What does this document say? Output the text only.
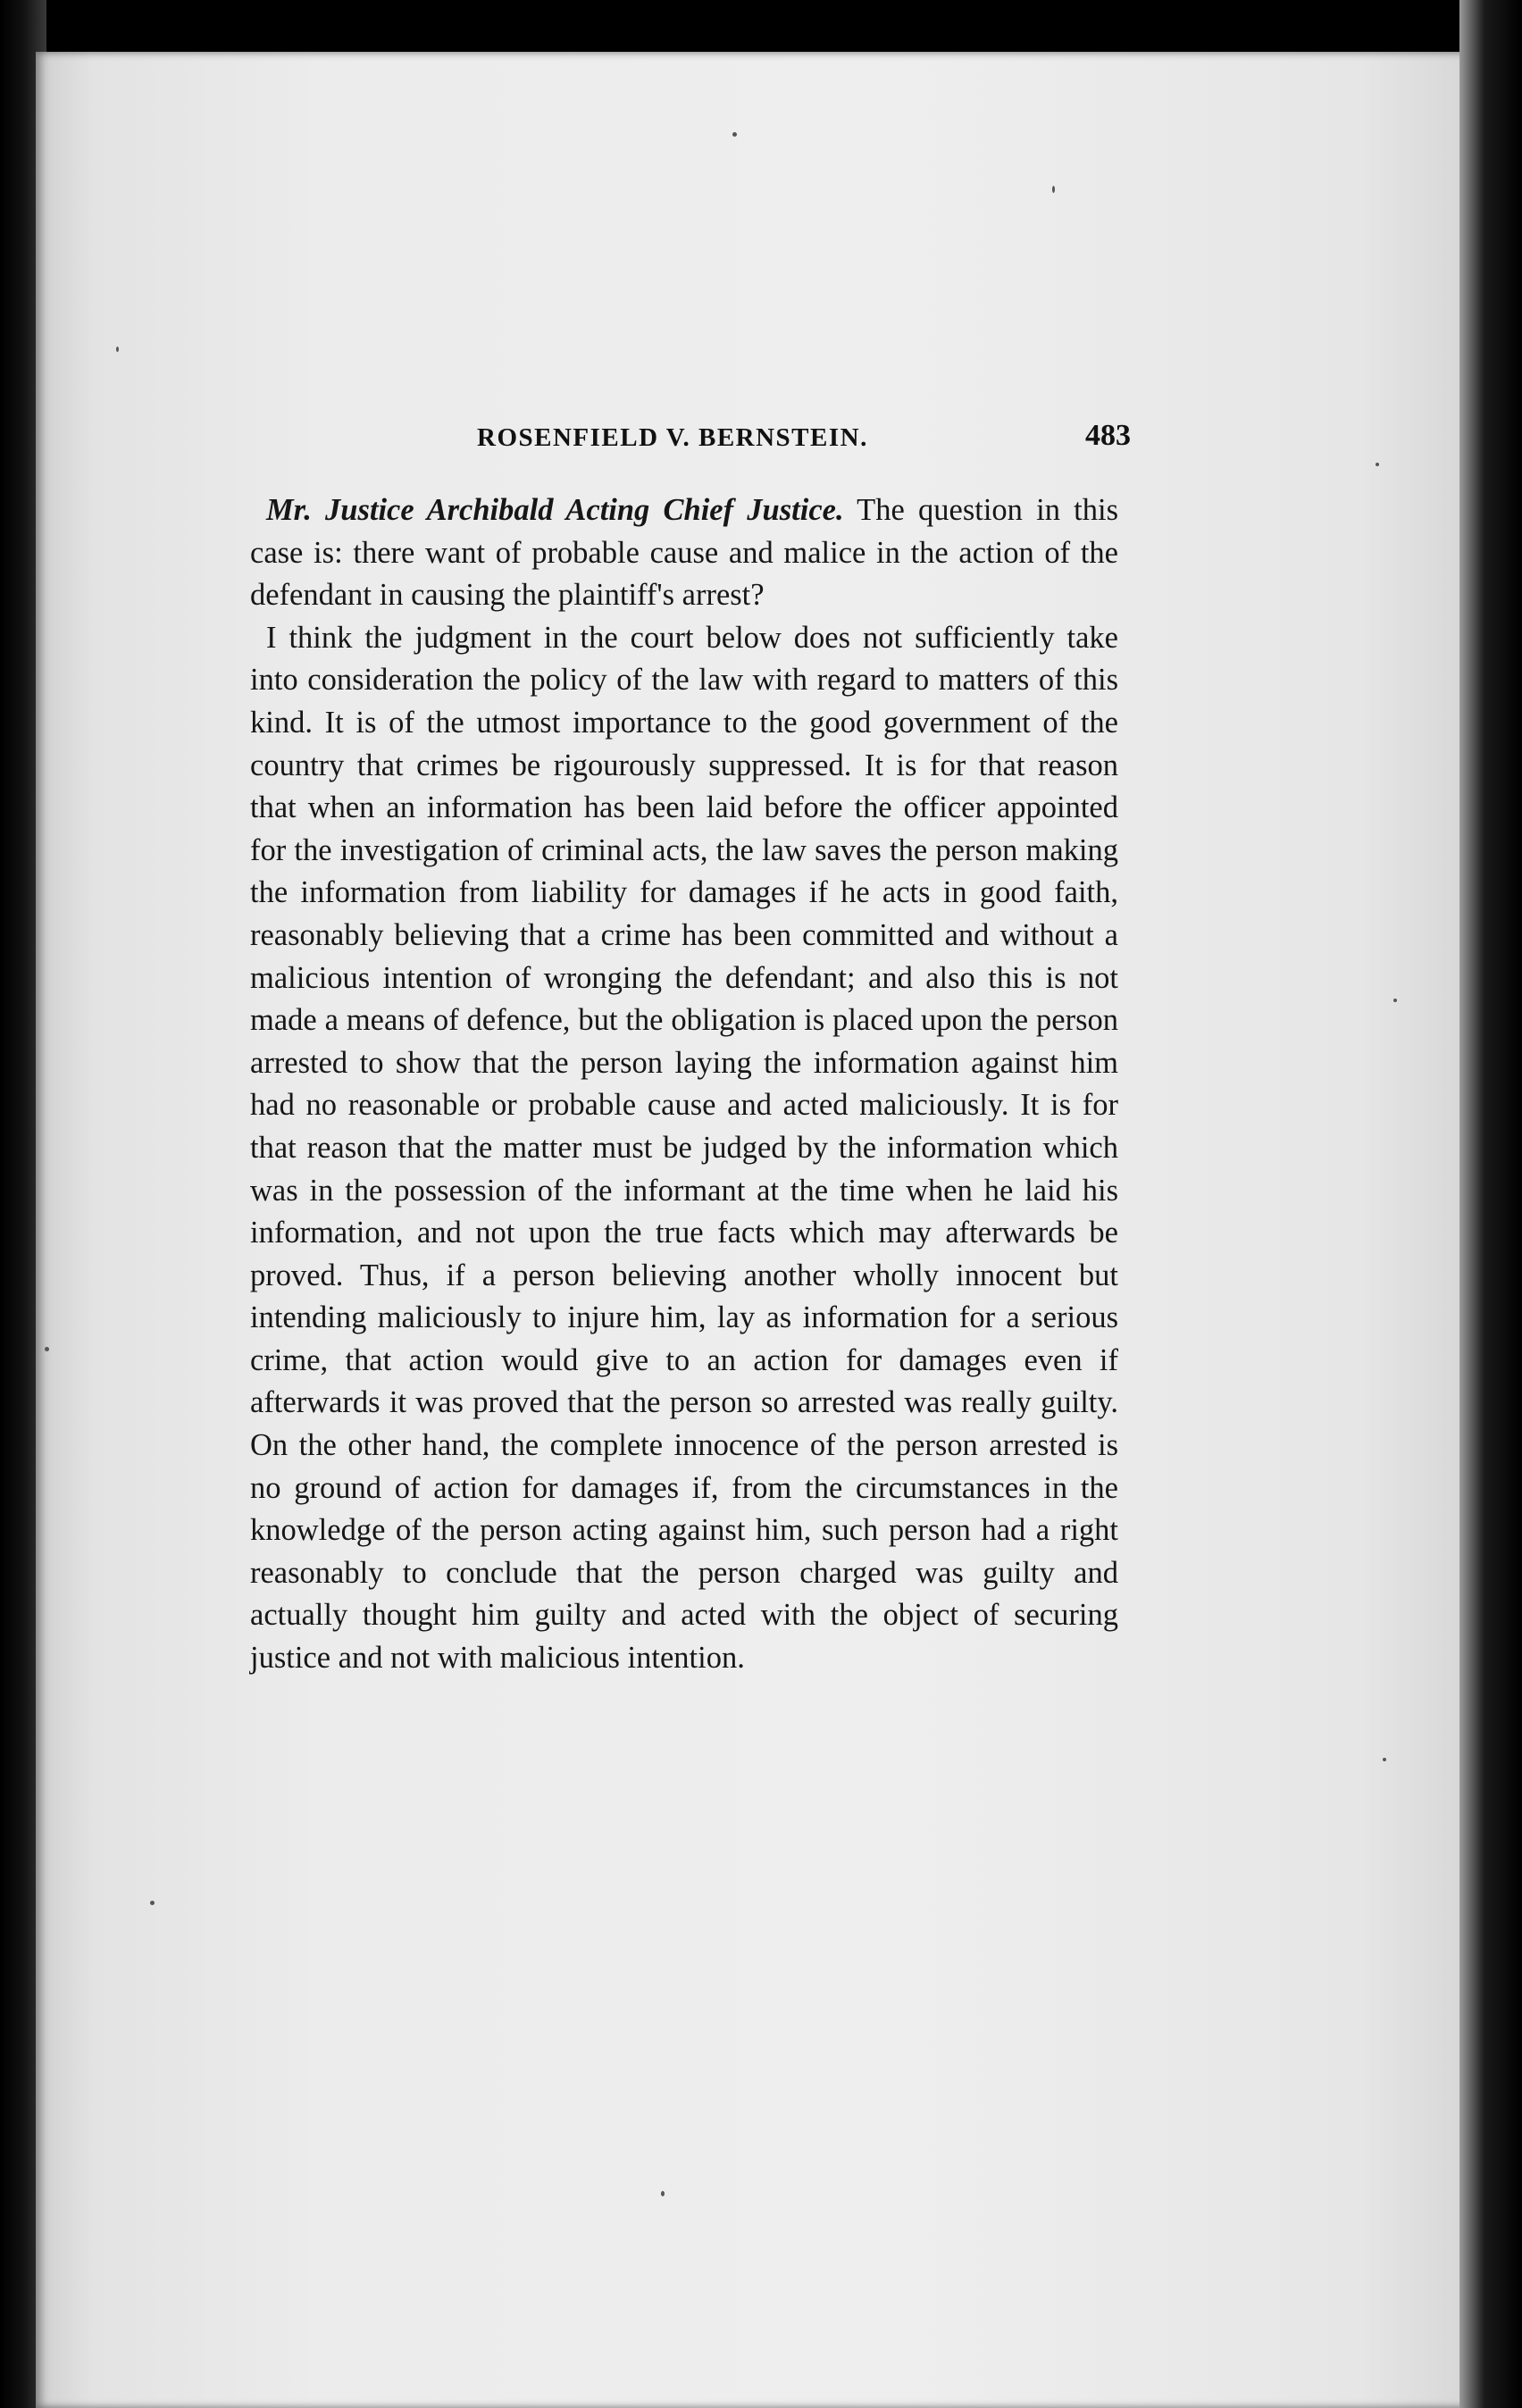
ROSENFIELD V. BERNSTEIN.	483

Mr. Justice Archibald Acting Chief Justice. The question in this case is: there want of probable cause and malice in the action of the defendant in causing the plaintiff's arrest?

I think the judgment in the court below does not sufficiently take into consideration the policy of the law with regard to matters of this kind. It is of the utmost importance to the good government of the country that crimes be rigourously suppressed. It is for that reason that when an information has been laid before the officer appointed for the investigation of criminal acts, the law saves the person making the information from liability for damages if he acts in good faith, reasonably believing that a crime has been committed and without a malicious intention of wronging the defendant; and also this is not made a means of defence, but the obligation is placed upon the person arrested to show that the person laying the information against him had no reasonable or probable cause and acted maliciously. It is for that reason that the matter must be judged by the information which was in the possession of the informant at the time when he laid his information, and not upon the true facts which may afterwards be proved. Thus, if a person believing another wholly innocent but intending maliciously to injure him, lay as information for a serious crime, that action would give to an action for damages even if afterwards it was proved that the person so arrested was really guilty. On the other hand, the complete innocence of the person arrested is no ground of action for damages if, from the circumstances in the knowledge of the person acting against him, such person had a right reasonably to conclude that the person charged was guilty and actually thought him guilty and acted with the object of securing justice and not with malicious intention.
